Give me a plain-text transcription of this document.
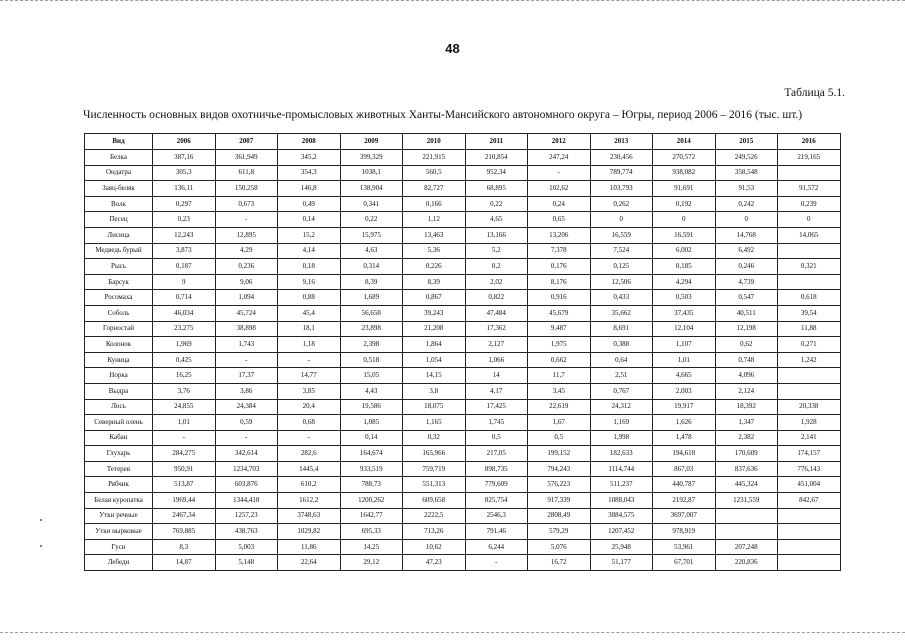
48
Таблица 5.1.
Численность основных видов охотничье-промысловых животных Ханты-Мансийского автономного округа – Югры, период 2006 – 2016 (тыс. шт.)
Вид	2006	2007	2008	2009	2010	2011	2012	2013	2014	2015	2016
Белка	387,16	361,949	345,2	399,329	221,915	210,854	247,24	230,456	270,572	249,526	219,165
Ондатра	305,3	611,8	354,3	1038,1	560,5	952,34	-	789,774	938,082	358,548	
Заяц-беляк	136,11	150,258	146,8	138,904	82,727	68,895	102,62	103,793	91,691	91,53	91,572
Волк	0,297	0,673	0,49	0,341	0,166	0,22	0,24	0,262	0,192	0,242	0,239
Песец	0,23	-	0,14	0,22	1,12	4,65	0,65	0	0	0	0
Лисица	12,243	12,895	15,2	15,975	13,463	13,166	13,206	16,559	16,591	14,768	14,065
Медведь бурый	3,873	4,29	4,14	4,63	5,36	5,2	7,378	7,524	6,002	6,492	
Рысь	0,187	0,236	0,18	0,314	0,226	0,2	0,176	0,125	0,185	0,246	0,321
Барсук	9	9,06	9,16	8,39	8,39	2,02	8,176	12,506	4,294	4,739	
Росомаха	0,714	1,094	0,88	1,689	0,867	0,822	0,916	0,433	0,503	0,547	0,618
Соболь	46,034	45,724	45,4	56,658	39,243	47,484	45,679	35,662	37,435	40,511	39,54
Горностай	23,275	38,898	18,1	23,898	21,208	17,362	9,487	8,691	12,104	12,198	11,88
Колонок	1,969	1,743	1,18	2,398	1,864	2,127	1,975	0,388	1,107	0,62	0,271
Куница	0,425	-	-	0,518	1,054	1,066	0,662	0,64	1,01	0,748	1,242
Норка	16,25	17,37	14,77	15,05	14,15	14	11,7	2,51	4,665	4,096	
Выдра	3,76	3,86	3,85	4,43	3,8	4,17	3,45	0,767	2,003	2,124	
Лось	24,855	24,384	20,4	19,586	18,075	17,425	22,619	24,312	19,917	18,392	20,338
Северный олень	1,01	0,59	0,68	1,085	1,165	1,745	1,67	1,169	1,626	1,347	1,928
Кабан	-	-	-	0,14	0,32	0,5	0,5	1,998	1,478	2,382	2,141
Глухарь	284,275	342,614	282,6	164,674	165,966	217,05	199,152	182,633	194,618	170,609	174,157
Тетерев	950,91	1234,703	1445,4	933,519	759,719	898,735	794,243	1114,744	867,03	837,636	776,143
Рябчик	513,87	603,876	610,2	788,73	551,313	779,609	576,223	511,237	440,787	445,324	451,004
Белая куропатка	1969,44	1344,418	1612,2	1200,262	609,658	825,754	917,339	1088,043	2192,87	1231,559	842,67
Утки речные	2467,34	1257,23	3748,63	1642,77	2222,5	2546,3	2808,49	3884,575	3697,007		
Утки нырковые	769,885	438,763	1029,82	695,33	713,26	791,46	579,29	1207,452	978,919		
Гуси	8,3	5,003	11,86	14,25	10,62	6,244	5,076	25,948	53,961	207,248	
Лебеди	14,87	5,148	22,64	29,12	47,23	-	16,72	51,177	67,701	220,836	
